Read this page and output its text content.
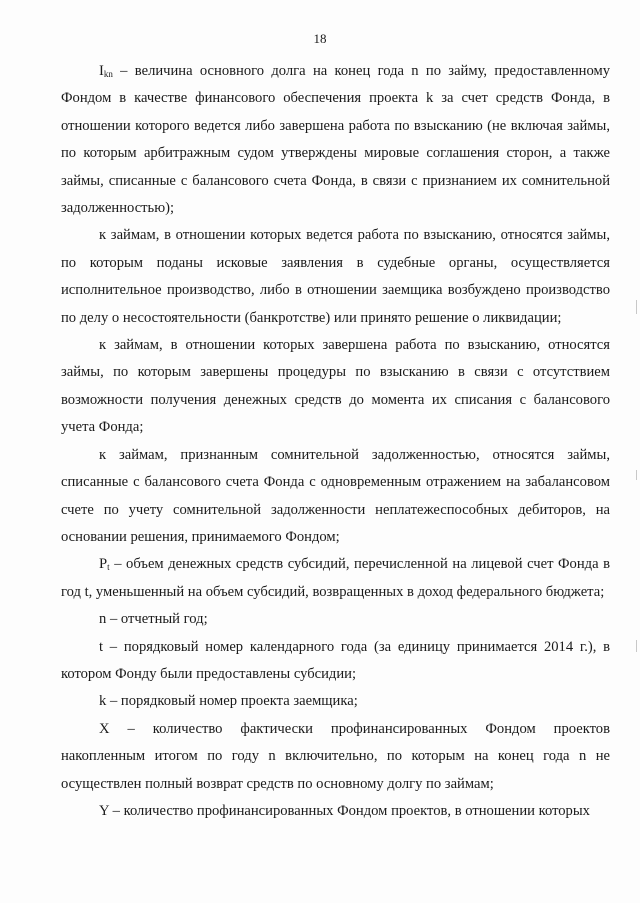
18

$I_{kn}$ – величина основного долга на конец года n по займу, предоставленному Фондом в качестве финансового обеспечения проекта k за счет средств Фонда, в отношении которого ведется либо завершена работа по взысканию (не включая займы, по которым арбитражным судом утверждены мировые соглашения сторон, а также займы, списанные с балансового счета Фонда, в связи с признанием их сомнительной задолженностью);

к займам, в отношении которых ведется работа по взысканию, относятся займы, по которым поданы исковые заявления в судебные органы, осуществляется исполнительное производство, либо в отношении заемщика возбуждено производство по делу о несостоятельности (банкротстве) или принято решение о ликвидации;

к займам, в отношении которых завершена работа по взысканию, относятся займы, по которым завершены процедуры по взысканию в связи с отсутствием возможности получения денежных средств до момента их списания с балансового учета Фонда;

к займам, признанным сомнительной задолженностью, относятся займы, списанные с балансового счета Фонда с одновременным отражением на забалансовом счете по учету сомнительной задолженности неплатежеспособных дебиторов, на основании решения, принимаемого Фондом;

$P_t$ – объем денежных средств субсидий, перечисленной на лицевой счет Фонда в год t, уменьшенный на объем субсидий, возвращенных в доход федерального бюджета;

n – отчетный год;

t – порядковый номер календарного года (за единицу принимается 2014 г.), в котором Фонду были предоставлены субсидии;

k – порядковый номер проекта заемщика;

X – количество фактически профинансированных Фондом проектов накопленным итогом по году n включительно, по которым на конец года n не осуществлен полный возврат средств по основному долгу по займам;

Y – количество профинансированных Фондом проектов, в отношении которых
